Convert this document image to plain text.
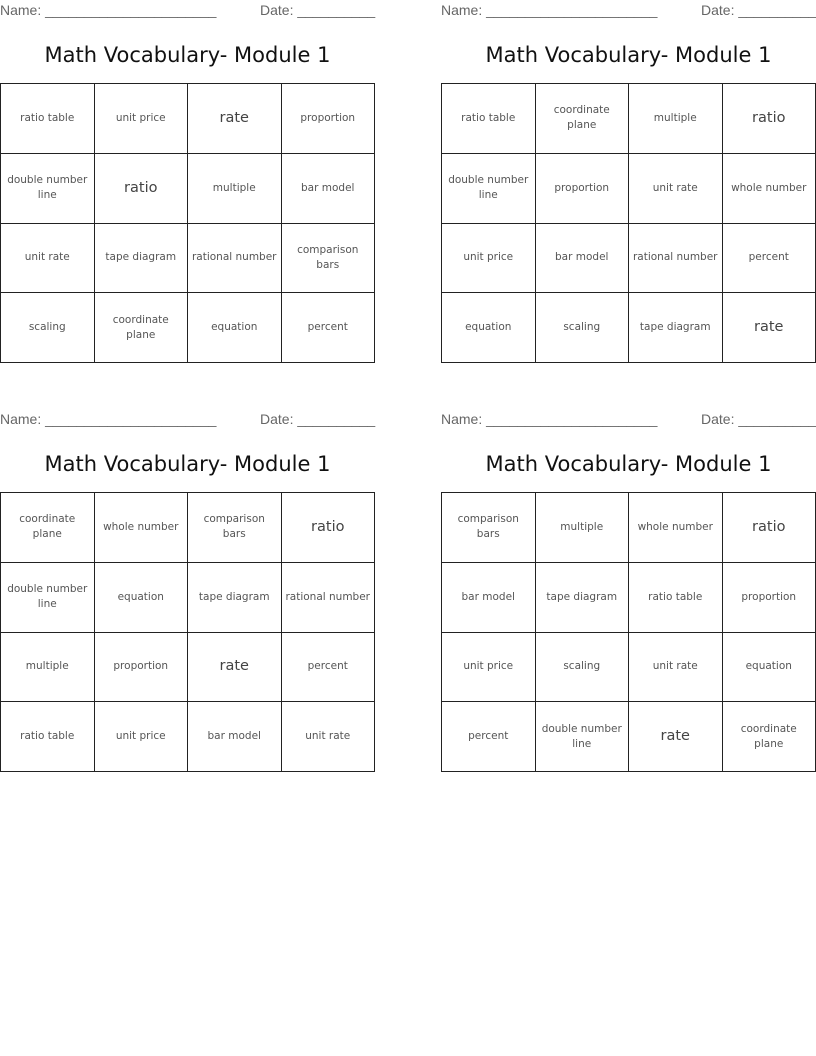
Name: ______________________

	Date: __________

Math Vocabulary- Module 1
ratio table	unit price	rate	proportion
double number line	ratio	multiple	bar model
unit rate	tape diagram	rational number	comparison bars
scaling	coordinate plane	equation	percent

Name: ______________________

	Date: __________

Math Vocabulary- Module 1
ratio table	coordinate plane	multiple	ratio
double number line	proportion	unit rate	whole number
unit price	bar model	rational number	percent
equation	scaling	tape diagram	rate

Name: ______________________

	Date: __________

Math Vocabulary- Module 1
coordinate plane	whole number	comparison bars	ratio
double number line	equation	tape diagram	rational number
multiple	proportion	rate	percent
ratio table	unit price	bar model	unit rate

Name: ______________________

	Date: __________

Math Vocabulary- Module 1
comparison bars	multiple	whole number	ratio
bar model	tape diagram	ratio table	proportion
unit price	scaling	unit rate	equation
percent	double number line	rate	coordinate plane
